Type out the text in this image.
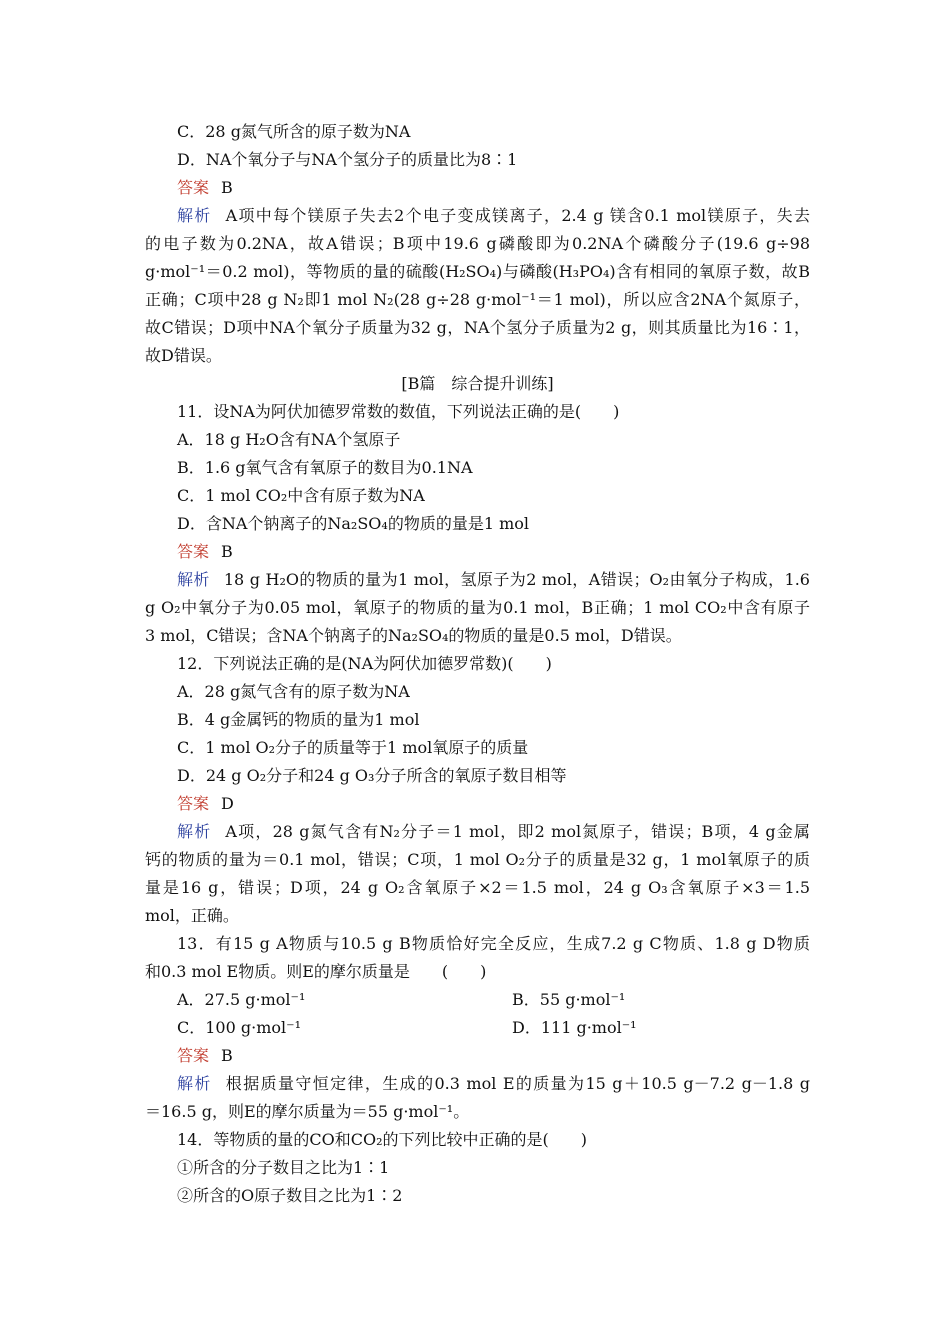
C．28 g氮气所含的原子数为NA
D．NA个氧分子与NA个氢分子的质量比为8∶1
答案 B
解析 A项中每个镁原子失去2个电子变成镁离子，2.4 g 镁含0.1 mol镁原子，失去
的电子数为0.2NA，故A错误；B项中19.6 g磷酸即为0.2NA个磷酸分子(19.6 g÷98
g·mol⁻¹＝0.2 mol)，等物质的量的硫酸(H₂SO₄)与磷酸(H₃PO₄)含有相同的氧原子数，故B
正确；C项中28 g N₂即1 mol N₂(28 g÷28 g·mol⁻¹＝1 mol)，所以应含2NA个氮原子，
故C错误；D项中NA个氧分子质量为32 g，NA个氢分子质量为2 g，则其质量比为16∶1，
故D错误。
[B篇　综合提升训练]
11．设NA为阿伏加德罗常数的数值，下列说法正确的是(　　)
A．18 g H₂O含有NA个氢原子
B．1.6 g氧气含有氧原子的数目为0.1NA
C．1 mol CO₂中含有原子数为NA
D．含NA个钠离子的Na₂SO₄的物质的量是1 mol
答案 B
解析 18 g H₂O的物质的量为1 mol，氢原子为2 mol，A错误；O₂由氧分子构成，1.6
g O₂中氧分子为0.05 mol，氧原子的物质的量为0.1 mol，B正确；1 mol CO₂中含有原子
3 mol，C错误；含NA个钠离子的Na₂SO₄的物质的量是0.5 mol，D错误。
12．下列说法正确的是(NA为阿伏加德罗常数)(　　)
A．28 g氮气含有的原子数为NA
B．4 g金属钙的物质的量为1 mol
C．1 mol O₂分子的质量等于1 mol氧原子的质量
D．24 g O₂分子和24 g O₃分子所含的氧原子数目相等
答案 D
解析 A项，28 g氮气含有N₂分子＝1 mol，即2 mol氮原子，错误；B项，4 g金属
钙的物质的量为＝0.1 mol，错误；C项，1 mol O₂分子的质量是32 g，1 mol氧原子的质
量是16 g，错误；D项，24 g O₂含氧原子×2＝1.5 mol，24 g O₃含氧原子×3＝1.5
mol，正确。
13．有15 g A物质与10.5 g B物质恰好完全反应，生成7.2 g C物质、1.8 g D物质
和0.3 mol E物质。则E的摩尔质量是　　(　　)
A．27.5 g·mol⁻¹	B．55 g·mol⁻¹
C．100 g·mol⁻¹	D．111 g·mol⁻¹
答案 B
解析 根据质量守恒定律，生成的0.3 mol E的质量为15 g＋10.5 g－7.2 g－1.8 g
＝16.5 g，则E的摩尔质量为＝55 g·mol⁻¹。
14．等物质的量的CO和CO₂的下列比较中正确的是(　　)
①所含的分子数目之比为1∶1
②所含的O原子数目之比为1∶2
